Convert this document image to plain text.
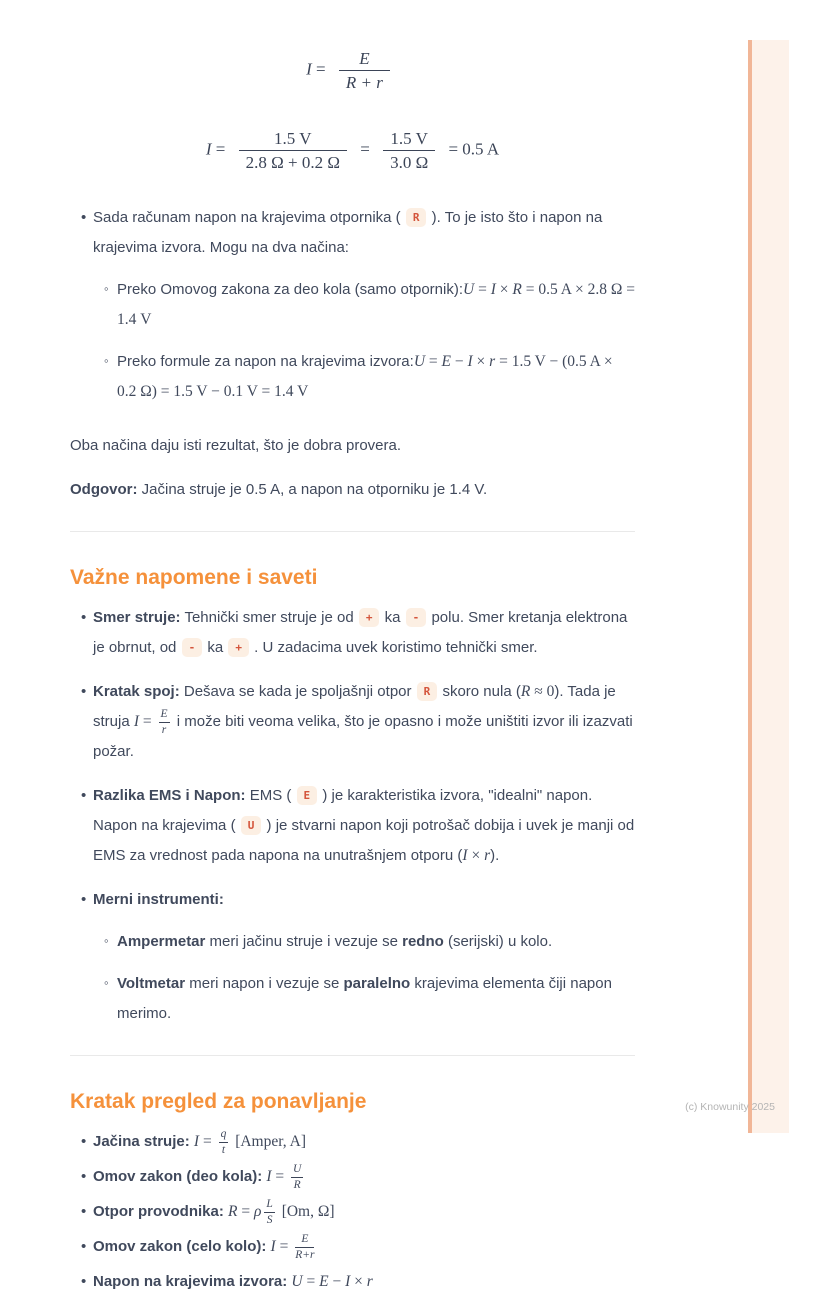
$I = \frac{E}{R + r}$
$I = \frac{1.5 V}{2.8 \Omega + 0.2 \Omega} = \frac{1.5 V}{3.0 \Omega} = 0.5$ A
•
Sada računam napon na krajevima otpornika ( R ). To je isto što i napon na krajevima izvora. Mogu na dva načina:
◦
Preko Omovog zakona za deo kola (samo otpornik):U = I × R = 0.5 A × 2.8 Ω = 1.4 V
◦
Preko formule za napon na krajevima izvora:U = E − I × r = 1.5 V − (0.5 A × 0.2 Ω) = 1.5 V − 0.1 V = 1.4 V

Oba načina daju isti rezultat, što je dobra provera.

Odgovor: Jačina struje je 0.5 A, a napon na otporniku je 1.4 V.

Važne napomene i saveti
•
Smer struje: Tehnički smer struje je od + ka - polu. Smer kretanja elektrona je obrnut, od - ka + . U zadacima uvek koristimo tehnički smer.
•
Kratak spoj: Dešava se kada je spoljašnji otpor R skoro nula (R ≈ 0). Tada je struja $I = \frac{E}{r}$ i može biti veoma velika, što je opasno i može uništiti izvor ili izazvati požar.
•
Razlika EMS i Napon: EMS ( E ) je karakteristika izvora, "idealni" napon. Napon na krajevima ( U ) je stvarni napon koji potrošač dobija i uvek je manji od EMS za vrednost pada napona na unutrašnjem otporu (I × r).
•
Merni instrumenti:
◦
Ampermetar meri jačinu struje i vezuje se redno (serijski) u kolo.
◦
Voltmetar meri napon i vezuje se paralelno krajevima elementa čiji napon merimo.
Kratak pregled za ponavljanje
•
Jačina struje: $I = \frac{q}{t}$ [Amper, A]
•
Omov zakon (deo kola): $I = \frac{U}{R}$
•
Otpor provodnika: R = ρ $\frac{L}{S} [Om$, Ω]
•
Omov zakon (celo kolo): $I = \frac{E}{R+r}$
•
Napon na krajevima izvora: U = E − I × r
(c) Knowunity 2025
